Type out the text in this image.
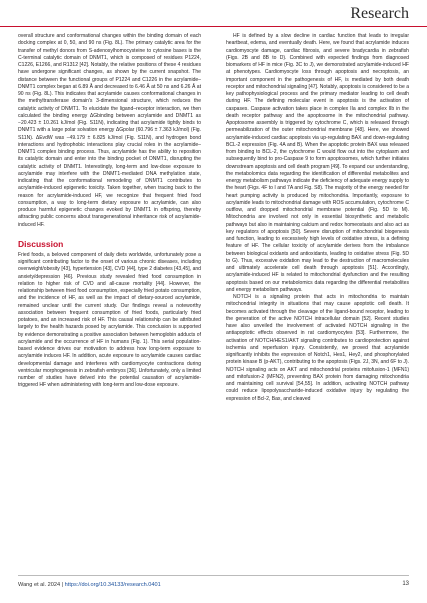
Research

overall structure and conformational changes within the binding domain of each docking complex at 0, 50, and 90 ns (Fig. 8L). The primary catalytic area for the transfer of methyl donors from S-adenosylhomocysteine to cytosine bases is the C-terminal catalytic domain of DNMT1, which is composed of residues P1224, C1226, E1266, and R1312 [42]. Notably, the relative positions of these 4 residues have undergone significant changes, as shown by the current snapshot. The distance between the functional groups of P1224 and C1226 in the acrylamide–DNMT1 complex began at 6.89 Å and decreased to 6.46 Å at 50 ns and 6.26 Å at 90 ns (Fig. 8L). This indicates that acrylamide causes conformational changes in the methyltransferase domain's 3-dimensional structure, which reduces the catalytic activity of DNMT1. To elucidate the ligand–receptor interaction, we then calculated the binding energy ΔGbinding between acrylamide and DNMT1 as −20.423 ± 10.261 kJ/mol (Fig. S11N), indicating that acrylamide tightly binds to DNMT1 with a large polar solvation energy ΔGpolar (60.796 ± 7.363 kJ/mol) (Fig. S11N). ΔEvdW was −49.179 ± 6.825 kJ/mol (Fig. S11N), and hydrogen bond interactions and hydrophobic interactions play crucial roles in the acrylamide–DNMT1 complex binding process. Thus, acrylamide has the ability to reposition its catalytic domain and enter into the binding pocket of DNMT1, disrupting the catalytic activity of DNMT1. Interestingly, long-term and low-dose exposure to acrylamide may interfere with the DNMT1-mediated DNA methylation state, indicating that the conformational remodeling of DNMT1 contributes to acrylamide-induced epigenetic toxicity. Taken together, when tracing back to the reason for acrylamide-induced HF, we recognize that frequent fried food consumption, a way to long-term dietary exposure to acrylamide, can also produce harmful epigenetic changes evoked by DNMT1 in offspring, thereby attracting public concerns about transgenerational inheritance risk of acrylamide-induced HF.

Discussion

Fried foods, a beloved component of daily diets worldwide, unfortunately pose a significant contributing factor to the onset of various chronic diseases, including overweight/obesity [43], hypertension [43], CVD [44], type 2 diabetes [43,45], and anxiety/depression [46]. Previous study revealed fried food consumption in relation to higher risk of CVD and all-cause mortality [44]. However, the relationship between fried food consumption, especially fried potato consumption, and the incidence of HF, as well as the impact of dietary-sourced acrylamide, remained unclear until the current study. Our findings reveal a noteworthy association between frequent consumption of fried foods, particularly fried potatoes, and an increased risk of HF. This causal relationship can be attributed largely to the health hazards posed by acrylamide. This conclusion is supported by evidence demonstrating a positive association between hemoglobin adducts of acrylamide and the occurrence of HF in humans (Fig. 1). This serial population-based evidence drives our motivation to address how long-term exposure to acrylamide induces HF. In addition, acute exposure to acrylamide causes cardiac developmental damage and interferes with cardiomyocyte contractions during ventricular morphogenesis in zebrafish embryos [36]. Unfortunately, only a limited number of studies have delved into the potential causation of acrylamide-triggered HF when administering with long-term and low-dose exposure.

HF is defined by a slow decline in cardiac function that leads to irregular heartbeat, edema, and eventually death. Here, we found that acrylamide induces cardiomyocyte damage, cardiac fibrosis, and severe bradycardia in zebrafish (Figs. 2B and 8B to D). Combined with expected findings from diagnosed biomarkers of HF in mice (Fig. 3C to J), we demonstrated acrylamide-induced HF at phenotypes. Cardiomyocyte loss through apoptosis and necroptosis, an important component in the pathogenesis of HF, is mediated by both death receptor and mitochondrial signaling [47]. Notably, apoptosis is considered to be a key pathophysiological process and the primary mediator leading to cell death during HF. The defining molecular event in apoptosis is the activation of caspases. Caspase activation takes place in complex IIa and complex IIb in the death receptor pathway and the apoptosome in the mitochondrial pathway. Apoptosome assembly is triggered by cytochrome C, which is released through permeabilization of the outer mitochondrial membrane [48]. Here, we showed acrylamide-induced cardiac apoptosis via up-regulating BAX and down-regulating BCL-2 expression (Fig. 4A and B). When the apoptotic protein BAX was released from binding to BCL-2, the cytochrome C would flow out into the cytoplasm and subsequently bind to pro-Caspase 9 to form apoptosomes, which further initiates downstream apoptosis and cell death program [49]. To expand our understanding, the metabolomics data regarding the identification of differential metabolites and energy metabolism pathways indicate the deficiency of adequate energy supply to the heart (Figs. 4F to I and 7A and Fig. S8). The majority of the energy needed for heart pumping activity is produced by mitochondria. Importantly, exposure to acrylamide leads to mitochondrial damage with ROS accumulation, cytochrome C outflow, and dropped mitochondrial membrane potential (Fig. 5D to M). Mitochondria are involved not only in essential biosynthetic and metabolic pathways but also in maintaining calcium and redox homeostasis and also act as key regulators of apoptosis [50]. Severe disruption of mitochondrial biogenesis and function, leading to excessively high levels of oxidative stress, is a defining feature of HF. The cellular toxicity of acrylamide derives from the imbalance between biological oxidants and antioxidants, leading to oxidative stress (Fig. 5D to G). Thus, excessive oxidation may lead to the destruction of macromolecules and ultimately accelerate cell death through apoptosis [51]. Accordingly, acrylamide-induced HF is related to mitochondrial dysfunction and the resulting apoptosis based on our metabolomics data regarding the differential metabolites and energy metabolism pathways.

NOTCH is a signaling protein that acts in mitochondria to maintain mitochondrial integrity in situations that may cause apoptotic cell death. It becomes activated through the cleavage of the ligand-bound receptor, leading to the generation of the active NOTCH intracellular domain [52]. Recent studies have also unveiled the involvement of activated NOTCH signaling in the antiapoptotic effects observed in rat cardiomyocytes [53]. Furthermore, the activation of NOTCH/HES1/AKT signaling contributes to cardioprotection against ischemia and reperfusion injury. Consistently, we proved that acrylamide significantly inhibits the expression of Notch1, Hes1, Hey2, and phosphorylated protein kinase B (p-AKT), contributing to the apoptosis (Figs. 2J, 3N, and 6F to J). NOTCH signaling acts on AKT and mitochondrial proteins mitofusion-1 (MFN1) and mitofusion-2 (MFN2), preventing BAX protein from damaging mitochondria and maintaining cell survival [54,55]. In addition, activating NOTCH pathway could reduce lipopolysaccharide-induced oxidative injury by regulating the expression of Bcl-2, Bax, and cleaved

Wang et al. 2024 | https://doi.org/10.34133/research.0401	13
